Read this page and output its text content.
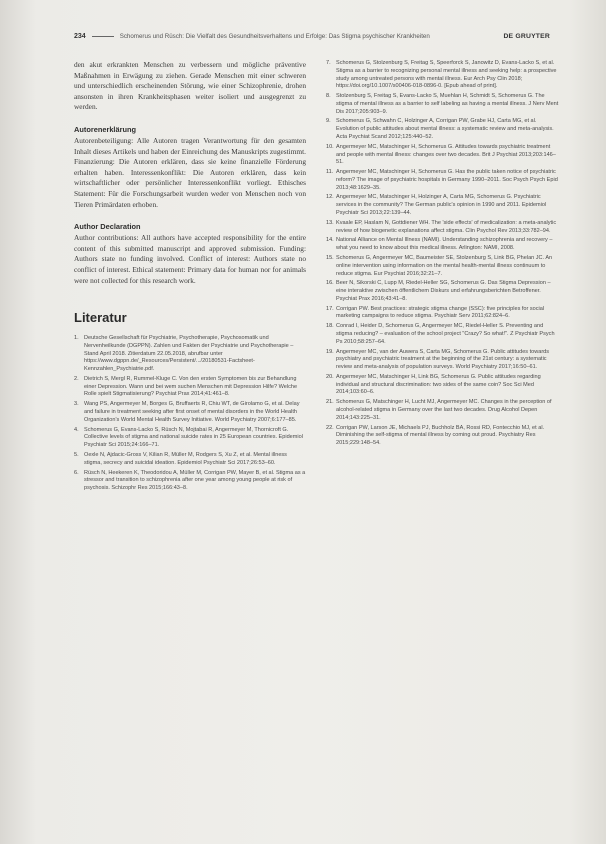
234	Schomerus und Rüsch: Die Vielfalt des Gesundheitsverhaltens und Erfolge: Das Stigma psychischer Krankheiten	DE GRUYTER

den akut erkrankten Menschen zu verbessern und mögliche präventive Maßnahmen in Erwägung zu ziehen. Gerade Menschen mit einer schweren und unterschiedlich erscheinenden Störung, wie einer Schizophrenie, drohen ansonsten in ihren Krankheitsphasen weiter isoliert und ausgegrenzt zu werden.

Autorenerklärung

Autorenbeteiligung: Alle Autoren tragen Verantwortung für den gesamten Inhalt dieses Artikels und haben der Einreichung des Manuskripts zugestimmt. Finanzierung: Die Autoren erklären, dass sie keine finanzielle Förderung erhalten haben. Interessenkonflikt: Die Autoren erklären, dass kein wirtschaftlicher oder persönlicher Interessenkonflikt vorliegt. Ethisches Statement: Für die Forschungsarbeit wurden weder von Menschen noch von Tieren Primärdaten erhoben.

Author Declaration

Author contributions: All authors have accepted responsibility for the entire content of this submitted manuscript and approved submission. Funding: Authors state no funding involved. Conflict of interest: Authors state no conflict of interest. Ethical statement: Primary data for human nor for animals were not collected for this research work.

Literatur
1. Deutsche Gesellschaft für Psychiatrie, Psychotherapie, Psychosomatik und Nervenheilkunde (DGPPN). Zahlen und Fakten der Psychiatrie und Psychotherapie – Stand April 2018. Zitierdatum 22.05.2018, abrufbar unter https://www.dgppn.de/_Resources/Persistent/.../20180531-Factsheet-Kennzahlen_Psychiatrie.pdf.
2. Dietrich S, Mergl R, Rummel-Kluge C. Von den ersten Symptomen bis zur Behandlung einer Depression. Wann und bei wem suchen Menschen mit Depression Hilfe? Welche Rolle spielt Stigmatisierung? Psychiat Prax 2014;41:461–8.
3. Wang PS, Angermeyer M, Borges G, Bruffaerts R, Chiu WT, de Girolamo G, et al. Delay and failure in treatment seeking after first onset of mental disorders in the World Health Organization's World Mental Health Survey Initiative. World Psychiatry 2007;6:177–85.
4. Schomerus G, Evans-Lacko S, Rüsch N, Mojtabai R, Angermeyer M, Thornicroft G. Collective levels of stigma and national suicide rates in 25 European countries. Epidemiol Psychiatr Sci 2015;24:166–71.
5. Oexle N, Ajdacic-Gross V, Kilian R, Müller M, Rodgers S, Xu Z, et al. Mental illness stigma, secrecy and suicidal ideation. Epidemiol Psychiatr Sci 2017;26:53–60.
6. Rüsch N, Heekeren K, Theodoridou A, Müller M, Corrigan PW, Mayer B, et al. Stigma as a stressor and transition to schizophrenia after one year among young people at risk of psychosis. Schizophr Res 2015;166:43–8.
7. Schomerus G, Stolzenburg S, Freitag S, Speerforck S, Janowitz D, Evans-Lacko S, et al. Stigma as a barrier to recognizing personal mental illness and seeking help: a prospective study among untreated persons with mental illness. Eur Arch Psy Clin 2018; https://doi.org/10.1007/s00406-018-0896-0. [Epub ahead of print].
8. Stolzenburg S, Freitag S, Evans-Lacko S, Muehlan H, Schmidt S, Schomerus G. The stigma of mental illness as a barrier to self labeling as having a mental illness. J Nerv Ment Dis 2017;205:903–9.
9. Schomerus G, Schwahn C, Holzinger A, Corrigan PW, Grabe HJ, Carta MG, et al. Evolution of public attitudes about mental illness: a systematic review and meta-analysis. Acta Psychiat Scand 2012;125:440–52.
10. Angermeyer MC, Matschinger H, Schomerus G. Attitudes towards psychiatric treatment and people with mental illness: changes over two decades. Brit J Psychiat 2013;203:146–51.
11. Angermeyer MC, Matschinger H, Schomerus G. Has the public taken notice of psychiatric reform? The image of psychiatric hospitals in Germany 1990–2011. Soc Psych Psych Epid 2013;48:1629–35.
12. Angermeyer MC, Matschinger H, Holzinger A, Carta MG, Schomerus G. Psychiatric services in the community? The German public's opinion in 1990 and 2011. Epidemiol Psychiatr Sci 2013;22:139–44.
13. Kvaale EP, Haslam N, Gottdiener WH. The 'side effects' of medicalization: a meta-analytic review of how biogenetic explanations affect stigma. Clin Psychol Rev 2013;33:782–94.
14. National Alliance on Mental Illness (NAMI). Understanding schizophrenia and recovery – what you need to know about this medical illness. Arlington: NAMI, 2008.
15. Schomerus G, Angermeyer MC, Baumeister SE, Stolzenburg S, Link BG, Phelan JC. An online intervention using information on the mental health-mental illness continuum to reduce stigma. Eur Psychiat 2016;32:21–7.
16. Beer N, Sikorski C, Lupp M, Riedel-Heller SG, Schomerus G. Das Stigma Depression – eine interaktive zwischen öffentlichem Diskurs und erfahrungsberichten Betroffener. Psychiat Prax 2016;43:41–8.
17. Corrigan PW. Best practices: strategic stigma change (SSC): five principles for social marketing campaigns to reduce stigma. Psychiatr Serv 2011;62:824–6.
18. Conrad I, Heider D, Schomerus G, Angermeyer MC, Riedel-Heller S. Preventing and stigma reducing? – evaluation of the school project "Crazy? So what!". Z Psychiatr Psych Ps 2010;58:257–64.
19. Angermeyer MC, van der Auwera S, Carta MG, Schomerus G. Public attitudes towards psychiatry and psychiatric treatment at the beginning of the 21st century: a systematic review and meta-analysis of population surveys. World Psychiatry 2017;16:50–61.
20. Angermeyer MC, Matschinger H, Link BG, Schomerus G. Public attitudes regarding individual and structural discrimination: two sides of the same coin? Soc Sci Med 2014;103:60–6.
21. Schomerus G, Matschinger H, Lucht MJ, Angermeyer MC. Changes in the perception of alcohol-related stigma in Germany over the last two decades. Drug Alcohol Depen 2014;143:225–31.
22. Corrigan PW, Larson JE, Michaels PJ, Buchholz BA, Rossi RD, Fontecchio MJ, et al. Diminishing the self-stigma of mental illness by coming out proud. Psychiatry Res 2015;229:148–54.
